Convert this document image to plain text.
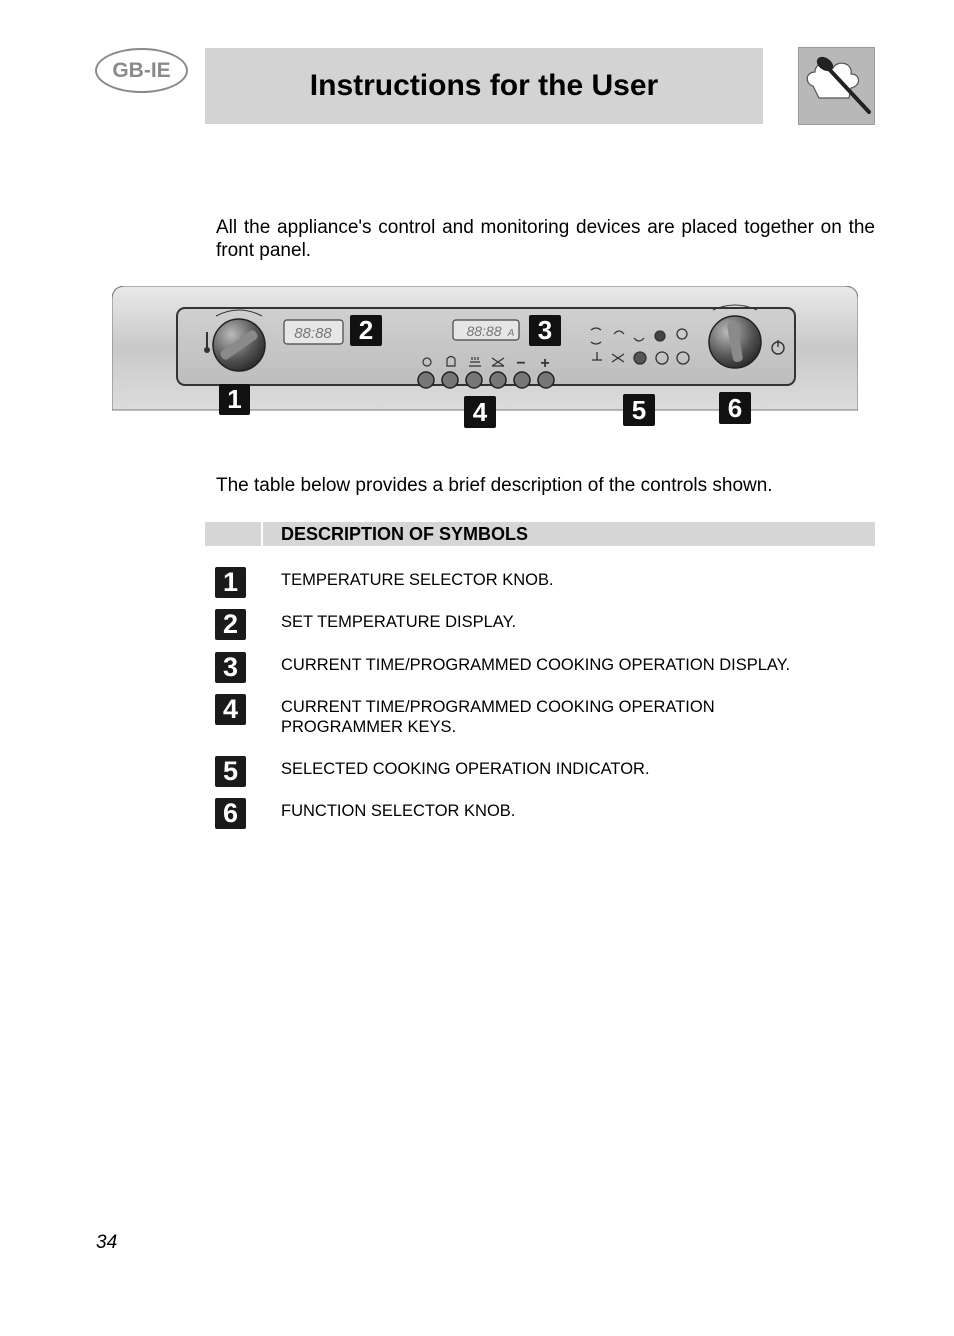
GB-IE	Instructions for the User

All the appliance's control and monitoring devices are placed together on the front panel.

88:88	88:88 A
− +
1
2	3
4	5	6
The table below provides a brief description of the controls shown.
DESCRIPTION OF SYMBOLS
1	TEMPERATURE SELECTOR KNOB.
2	SET TEMPERATURE DISPLAY.
3	CURRENT TIME/PROGRAMMED COOKING OPERATION DISPLAY.
4	CURRENT TIME/PROGRAMMED COOKING OPERATION PROGRAMMER KEYS.
5	SELECTED COOKING OPERATION INDICATOR.
6	FUNCTION SELECTOR KNOB.
34
